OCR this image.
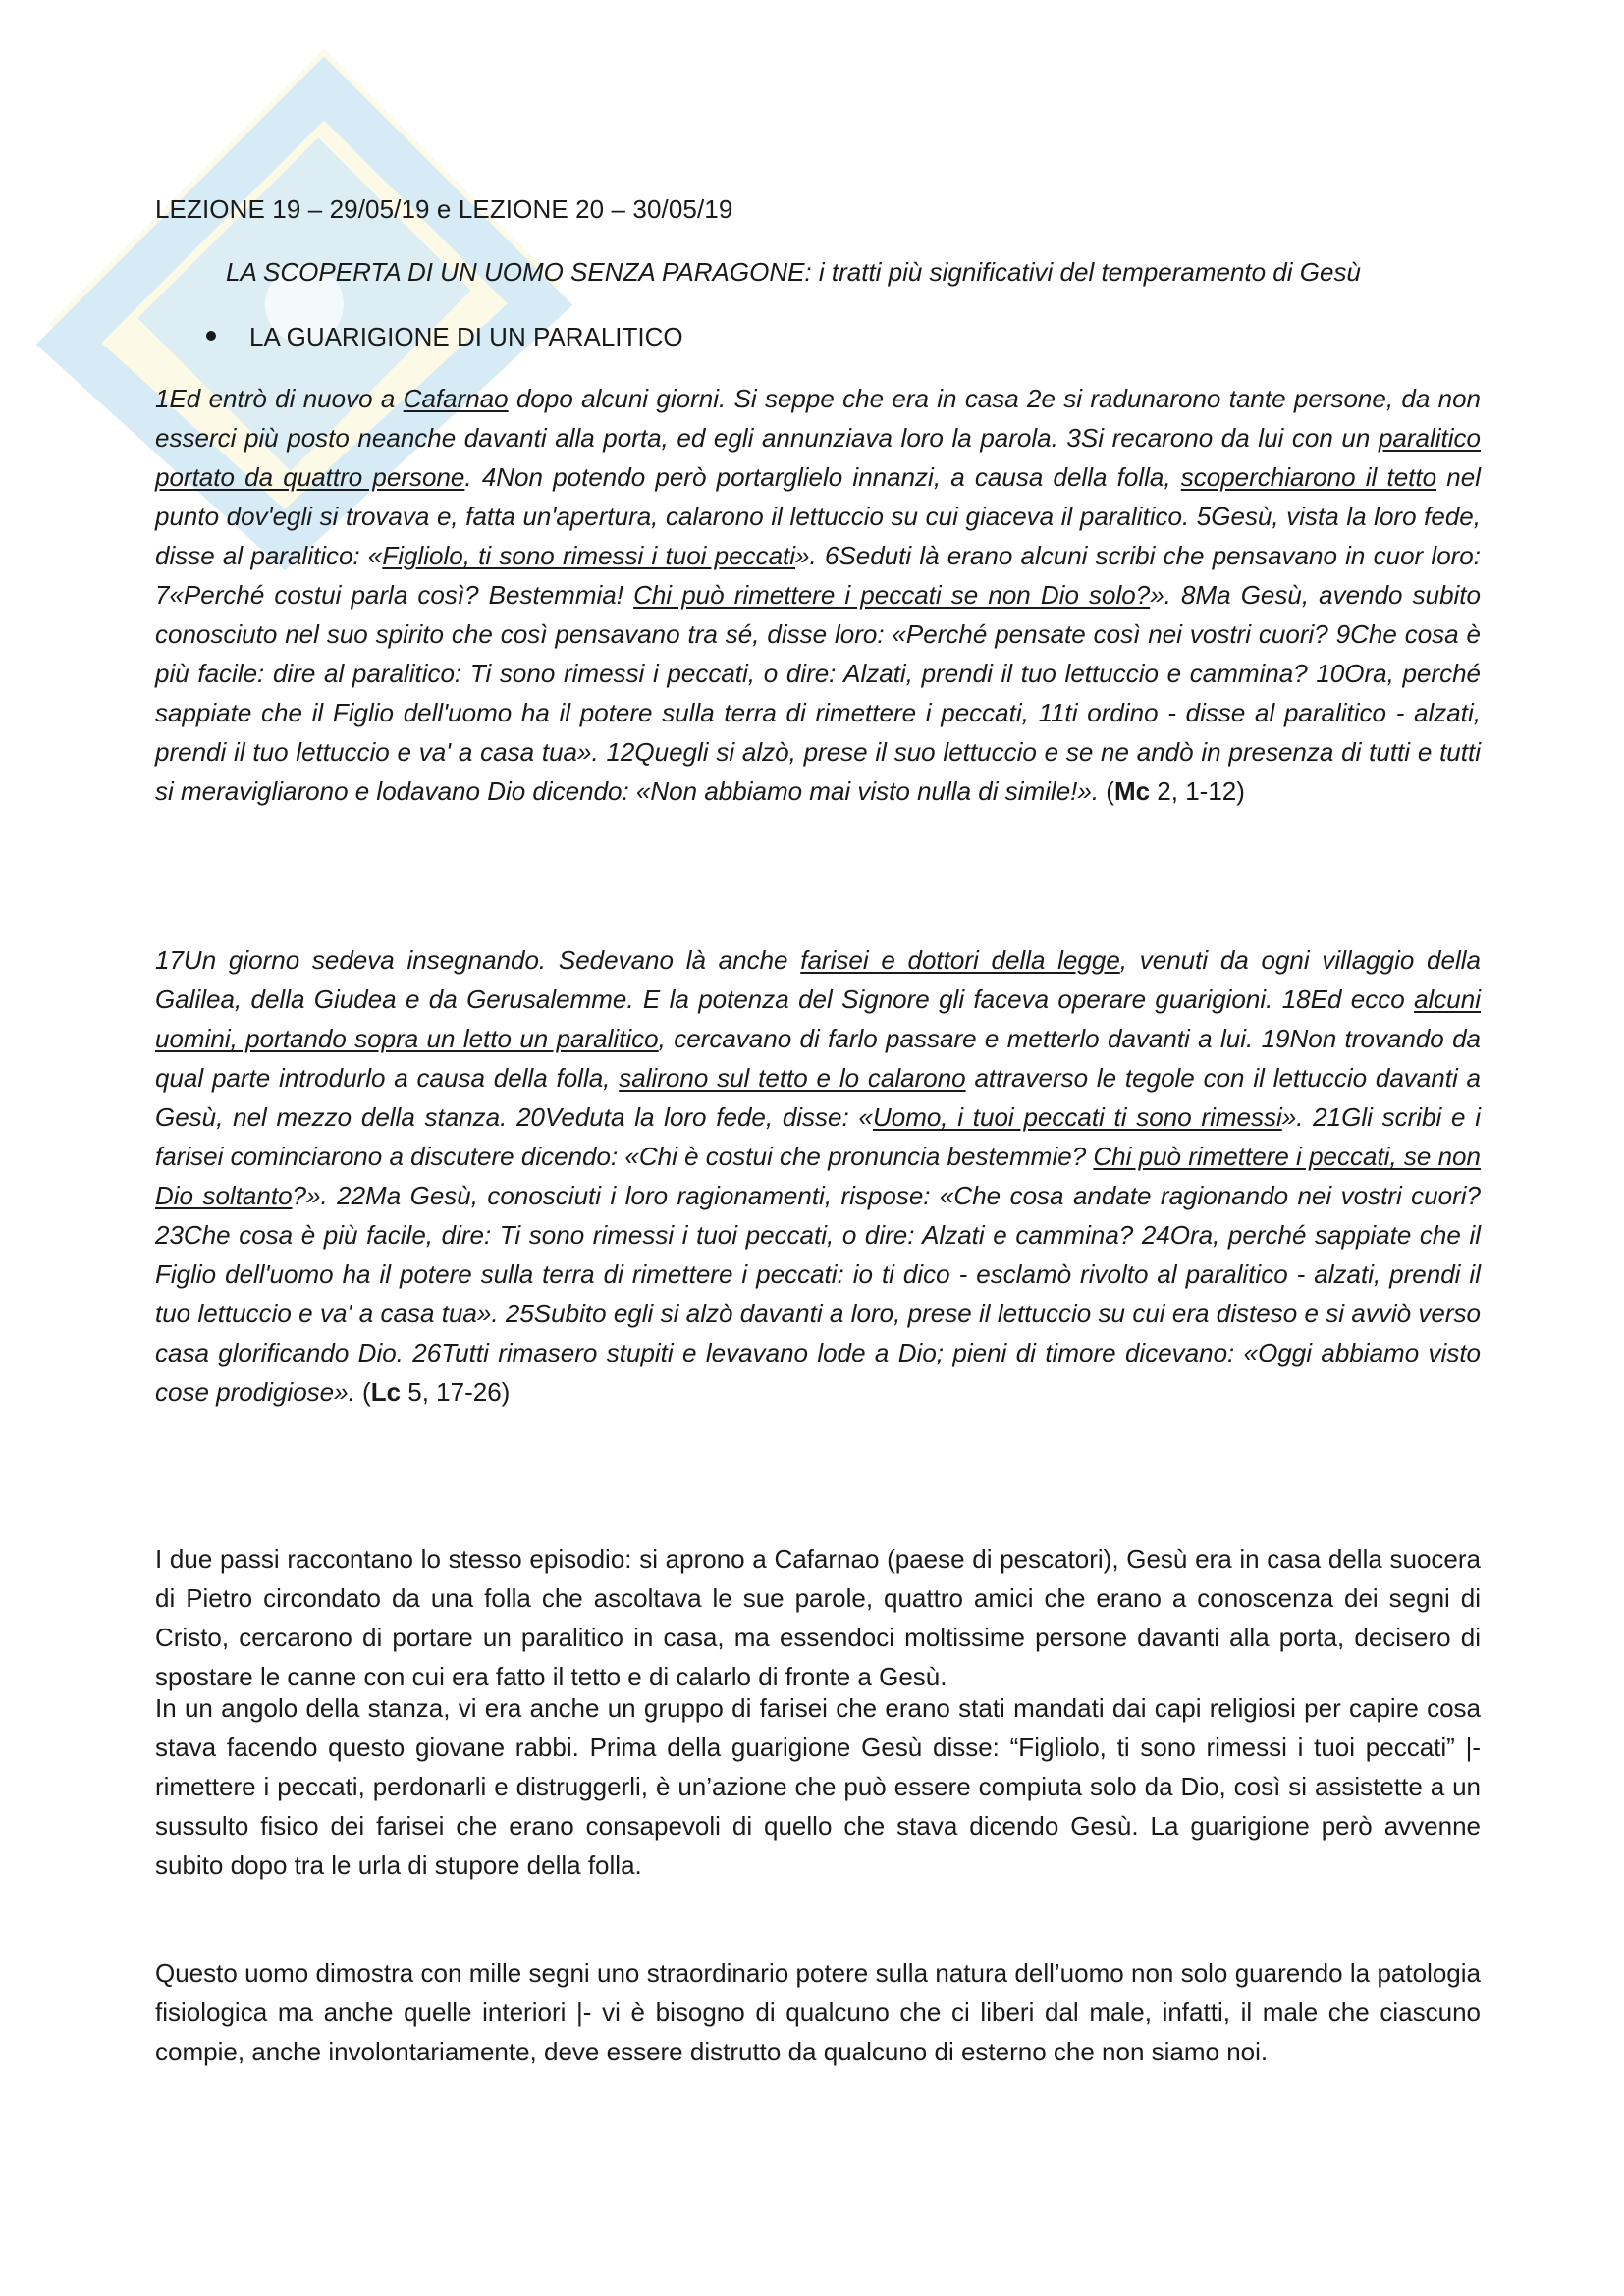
LEZIONE 19 – 29/05/19 e LEZIONE 20 – 30/05/19
LA SCOPERTA DI UN UOMO SENZA PARAGONE: i tratti più significativi del temperamento di Gesù
LA GUARIGIONE DI UN PARALITICO
1Ed entrò di nuovo a Cafarnao dopo alcuni giorni. Si seppe che era in casa 2e si radunarono tante persone, da non esserci più posto neanche davanti alla porta, ed egli annunziava loro la parola. 3Si recarono da lui con un paralitico portato da quattro persone. 4Non potendo però portarglielo innanzi, a causa della folla, scoperchiarono il tetto nel punto dov'egli si trovava e, fatta un'apertura, calarono il lettuccio su cui giaceva il paralitico. 5Gesù, vista la loro fede, disse al paralitico: «Figliolo, ti sono rimessi i tuoi peccati». 6Seduti là erano alcuni scribi che pensavano in cuor loro: 7«Perché costui parla così? Bestemmia! Chi può rimettere i peccati se non Dio solo?». 8Ma Gesù, avendo subito conosciuto nel suo spirito che così pensavano tra sé, disse loro: «Perché pensate così nei vostri cuori? 9Che cosa è più facile: dire al paralitico: Ti sono rimessi i peccati, o dire: Alzati, prendi il tuo lettuccio e cammina? 10Ora, perché sappiate che il Figlio dell'uomo ha il potere sulla terra di rimettere i peccati, 11ti ordino - disse al paralitico - alzati, prendi il tuo lettuccio e va' a casa tua». 12Quegli si alzò, prese il suo lettuccio e se ne andò in presenza di tutti e tutti si meravigliarono e lodavano Dio dicendo: «Non abbiamo mai visto nulla di simile!». (Mc 2, 1-12)
17Un giorno sedeva insegnando. Sedevano là anche farisei e dottori della legge, venuti da ogni villaggio della Galilea, della Giudea e da Gerusalemme. E la potenza del Signore gli faceva operare guarigioni. 18Ed ecco alcuni uomini, portando sopra un letto un paralitico, cercavano di farlo passare e metterlo davanti a lui. 19Non trovando da qual parte introdurlo a causa della folla, salirono sul tetto e lo calarono attraverso le tegole con il lettuccio davanti a Gesù, nel mezzo della stanza. 20Veduta la loro fede, disse: «Uomo, i tuoi peccati ti sono rimessi». 21Gli scribi e i farisei cominciarono a discutere dicendo: «Chi è costui che pronuncia bestemmie? Chi può rimettere i peccati, se non Dio soltanto?». 22Ma Gesù, conosciuti i loro ragionamenti, rispose: «Che cosa andate ragionando nei vostri cuori? 23Che cosa è più facile, dire: Ti sono rimessi i tuoi peccati, o dire: Alzati e cammina? 24Ora, perché sappiate che il Figlio dell'uomo ha il potere sulla terra di rimettere i peccati: io ti dico - esclamò rivolto al paralitico - alzati, prendi il tuo lettuccio e va' a casa tua». 25Subito egli si alzò davanti a loro, prese il lettuccio su cui era disteso e si avviò verso casa glorificando Dio. 26Tutti rimasero stupiti e levavano lode a Dio; pieni di timore dicevano: «Oggi abbiamo visto cose prodigiose». (Lc 5, 17-26)
I due passi raccontano lo stesso episodio: si aprono a Cafarnao (paese di pescatori), Gesù era in casa della suocera di Pietro circondato da una folla che ascoltava le sue parole, quattro amici che erano a conoscenza dei segni di Cristo, cercarono di portare un paralitico in casa, ma essendoci moltissime persone davanti alla porta, decisero di spostare le canne con cui era fatto il tetto e di calarlo di fronte a Gesù.
In un angolo della stanza, vi era anche un gruppo di farisei che erano stati mandati dai capi religiosi per capire cosa stava facendo questo giovane rabbi. Prima della guarigione Gesù disse: “Figliolo, ti sono rimessi i tuoi peccati” |- rimettere i peccati, perdonarli e distruggerli, è un’azione che può essere compiuta solo da Dio, così si assistette a un sussulto fisico dei farisei che erano consapevoli di quello che stava dicendo Gesù. La guarigione però avvenne subito dopo tra le urla di stupore della folla.
Questo uomo dimostra con mille segni uno straordinario potere sulla natura dell’uomo non solo guarendo la patologia fisiologica ma anche quelle interiori |- vi è bisogno di qualcuno che ci liberi dal male, infatti, il male che ciascuno compie, anche involontariamente, deve essere distrutto da qualcuno di esterno che non siamo noi.
